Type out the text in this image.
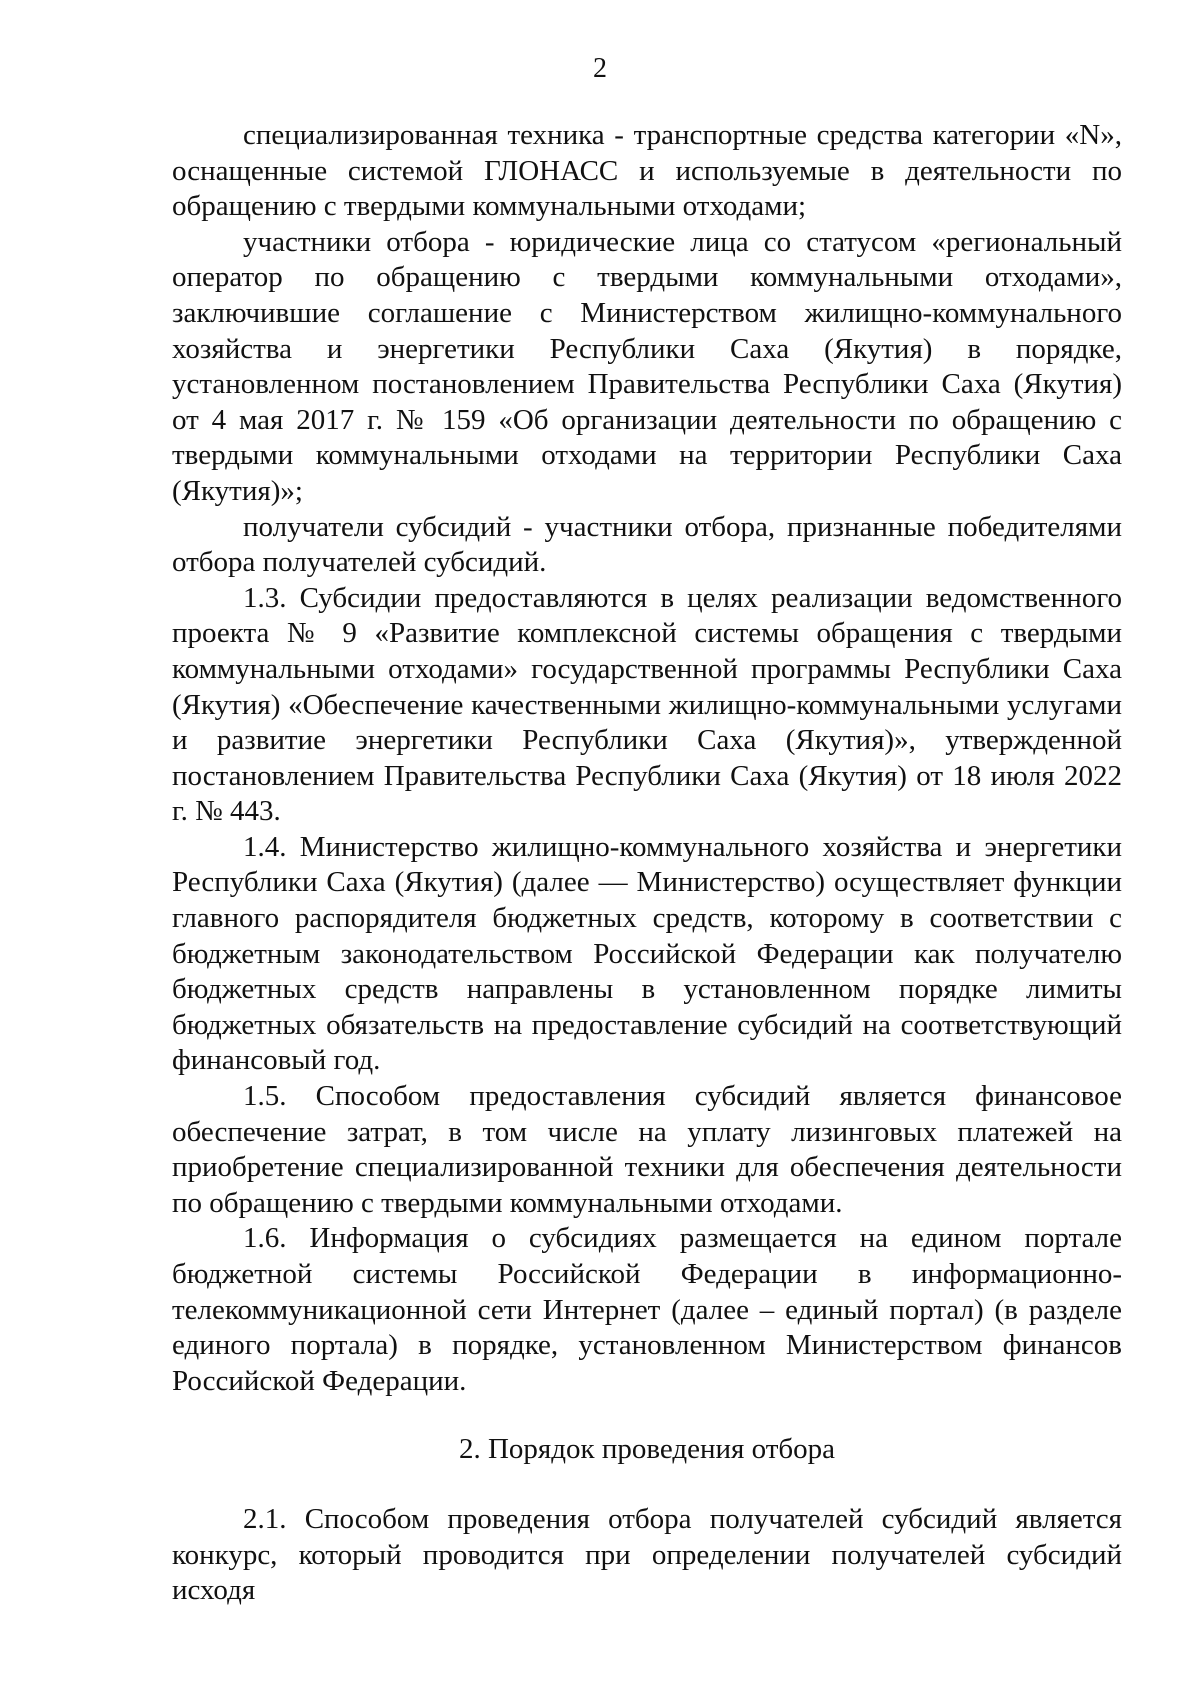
2

специализированная техника - транспортные средства категории «N», оснащенные системой ГЛОНАСС и используемые в деятельности по обращению с твердыми коммунальными отходами;

участники отбора - юридические лица со статусом «региональный оператор по обращению с твердыми коммунальными отходами», заключившие соглашение с Министерством жилищно-коммунального хозяйства и энергетики Республики Саха (Якутия) в порядке, установленном постановлением Правительства Республики Саха (Якутия) от 4 мая 2017 г. № 159 «Об организации деятельности по обращению с твердыми коммунальными отходами на территории Республики Саха (Якутия)»;

получатели субсидий - участники отбора, признанные победителями отбора получателей субсидий.

1.3. Субсидии предоставляются в целях реализации ведомственного проекта № 9 «Развитие комплексной системы обращения с твердыми коммунальными отходами» государственной программы Республики Саха (Якутия) «Обеспечение качественными жилищно-коммунальными услугами и развитие энергетики Республики Саха (Якутия)», утвержденной постановлением Правительства Республики Саха (Якутия) от 18 июля 2022 г. № 443.

1.4. Министерство жилищно-коммунального хозяйства и энергетики Республики Саха (Якутия) (далее — Министерство) осуществляет функции главного распорядителя бюджетных средств, которому в соответствии с бюджетным законодательством Российской Федерации как получателю бюджетных средств направлены в установленном порядке лимиты бюджетных обязательств на предоставление субсидий на соответствующий финансовый год.

1.5. Способом предоставления субсидий является финансовое обеспечение затрат, в том числе на уплату лизинговых платежей на приобретение специализированной техники для обеспечения деятельности по обращению с твердыми коммунальными отходами.

1.6. Информация о субсидиях размещается на едином портале бюджетной системы Российской Федерации в информационно-телекоммуникационной сети Интернет (далее – единый портал) (в разделе единого портала) в порядке, установленном Министерством финансов Российской Федерации.

2. Порядок проведения отбора

2.1. Способом проведения отбора получателей субсидий является конкурс, который проводится при определении получателей субсидий исходя
